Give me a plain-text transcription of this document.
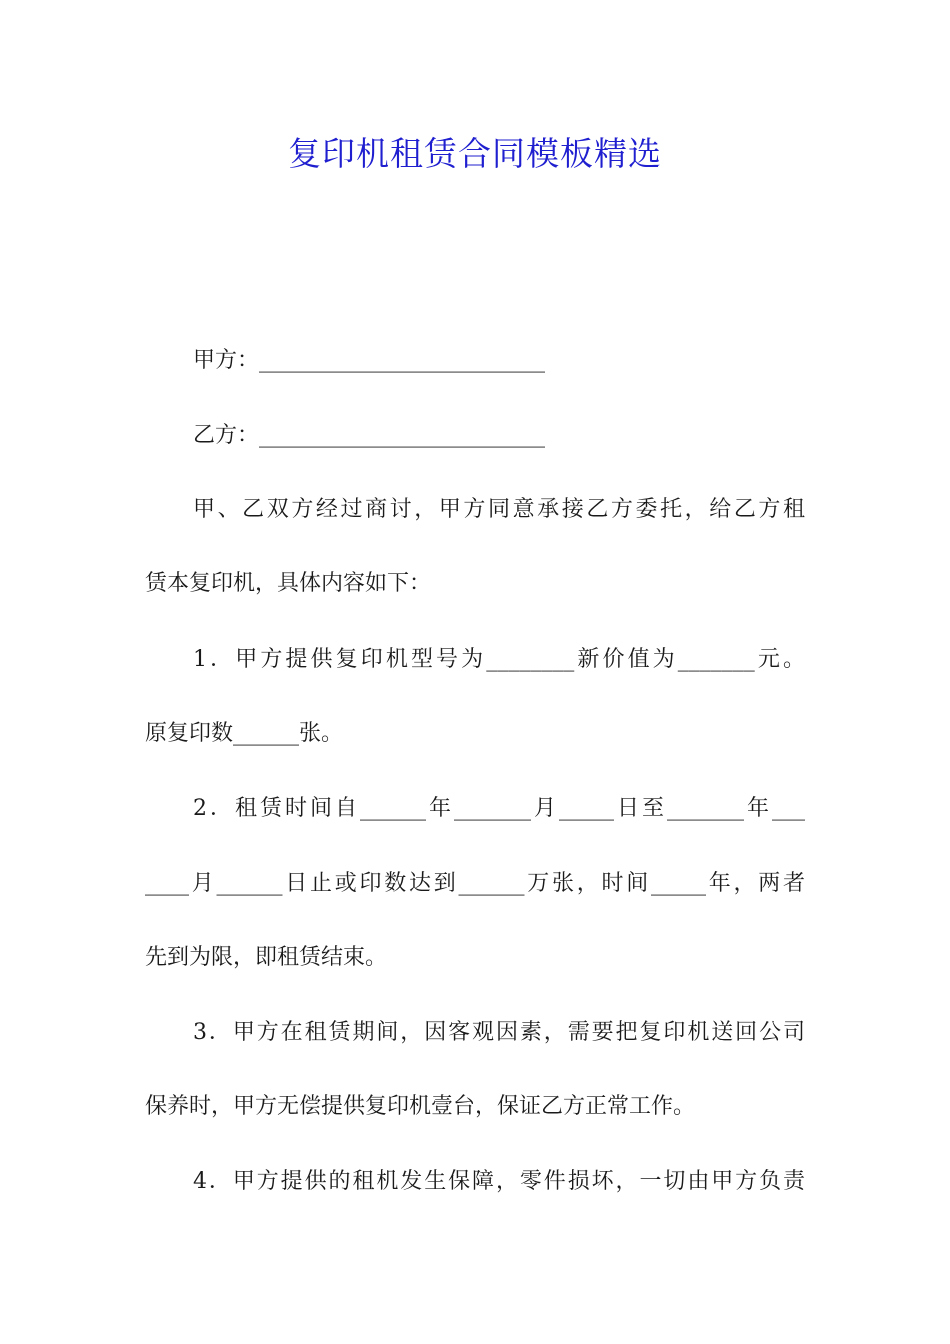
复印机租赁合同模板精选
甲方：__________________________
乙方：__________________________
甲、乙双方经过商讨，甲方同意承接乙方委托，给乙方租
赁本复印机，具体内容如下：
1．甲方提供复印机型号为________新价值为_______元。
原复印数______张。
2．租赁时间自______年_______月_____日至_______年___
____月______日止或印数达到______万张，时间_____年，两者
先到为限，即租赁结束。
3．甲方在租赁期间，因客观因素，需要把复印机送回公司
保养时，甲方无偿提供复印机壹台，保证乙方正常工作。
4．甲方提供的租机发生保障，零件损坏，一切由甲方负责
